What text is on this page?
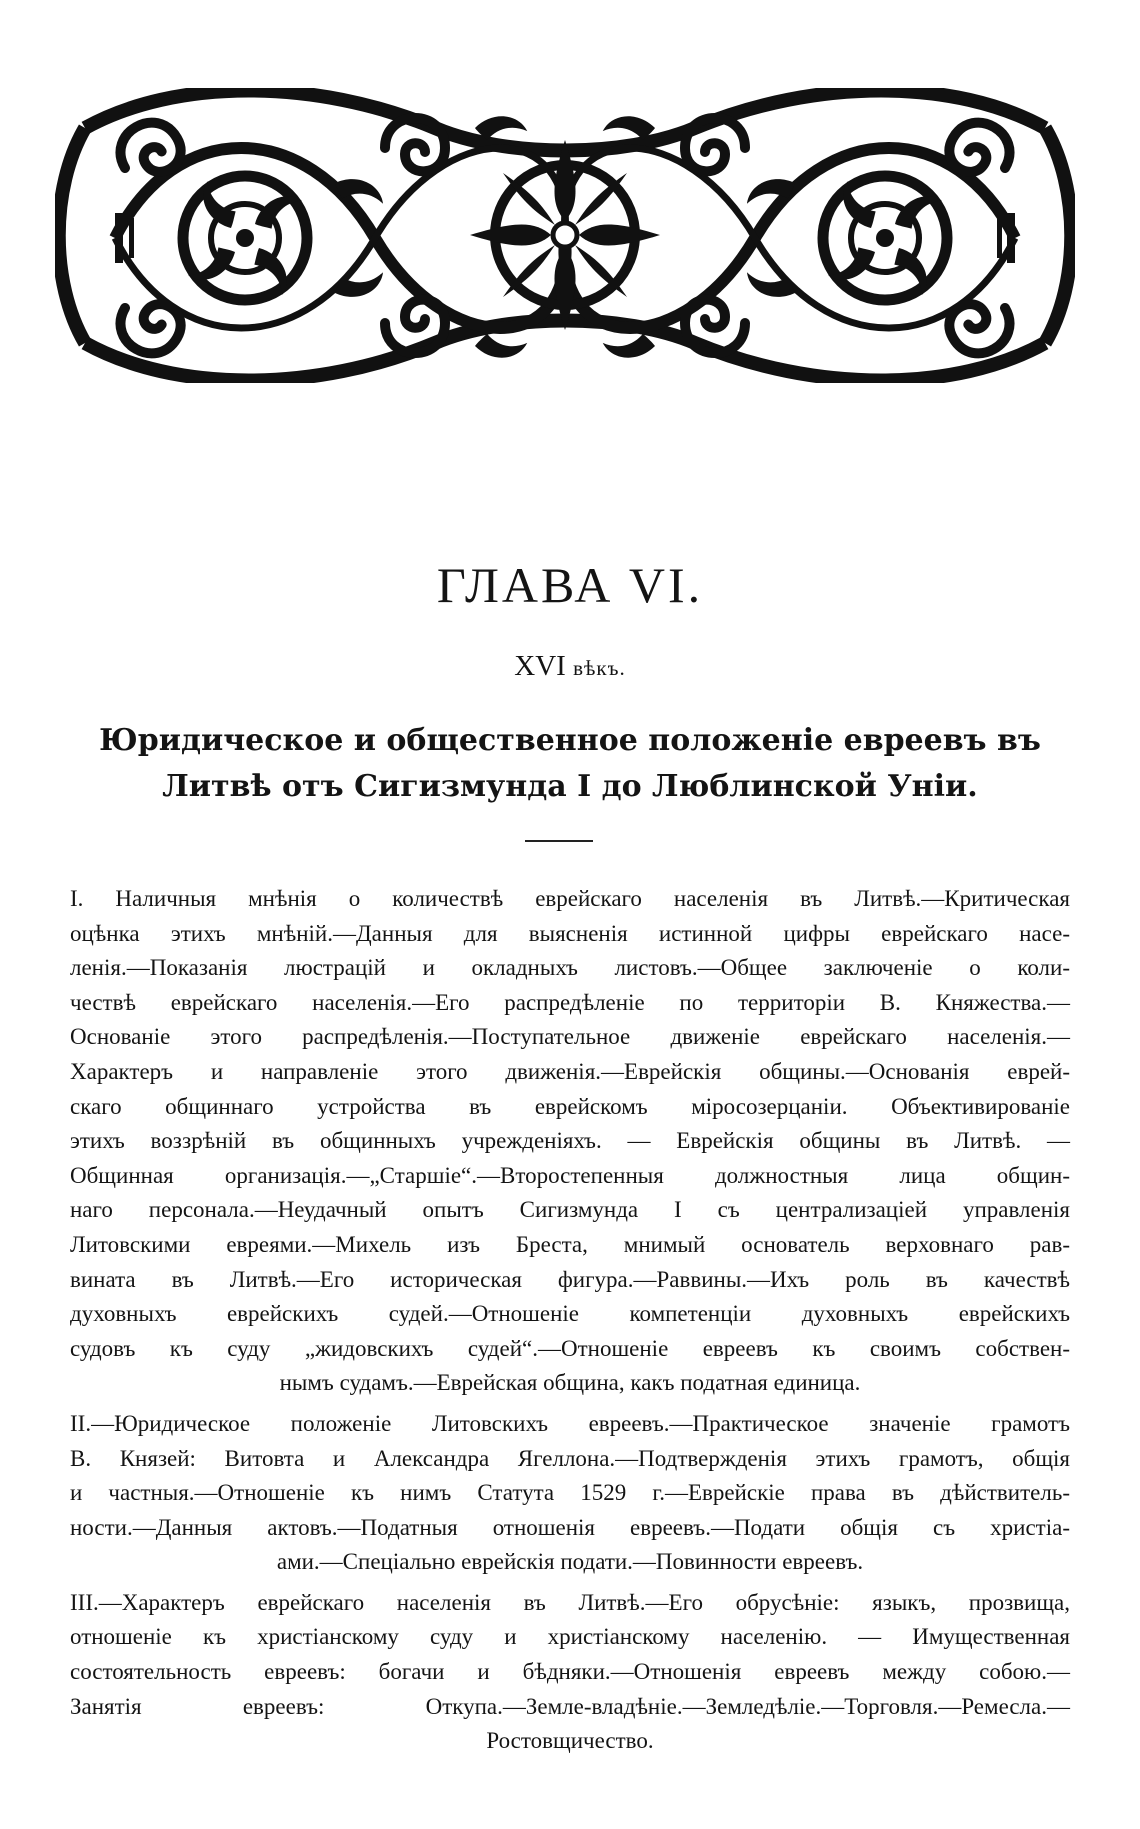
ГЛАВА VI.
XVI вѣкъ.
Юридическое и общественное положенiе евреевъ въ
Литвѣ отъ Сигизмунда I до Люблинской Унiи.
I. Наличныя мнѣнiя о количествѣ еврейскаго населенiя въ Литвѣ.—Критическая
оцѣнка этихъ мнѣнiй.—Данныя для выясненiя истинной цифры еврейскаго насе-
ленiя.—Показанiя люстрацiй и окладныхъ листовъ.—Общее заключенiе о коли-
чествѣ еврейскаго населенiя.—Его распредѣленiе по территорiи В. Княжества.—
Основанiе этого распредѣленiя.—Поступательное движенiе еврейскаго населенiя.—
Характеръ и направленiе этого движенiя.—Еврейскiя общины.—Основанiя еврей-
скаго общиннаго устройства въ еврейскомъ мiросозерцанiи. Объективированiе
этихъ воззрѣнiй въ общинныхъ учрежденiяхъ. — Еврейскiя общины въ Литвѣ. —
Общинная организацiя.—„Старшiе“.—Второстепенныя должностныя лица общин-
наго персонала.—Неудачный опытъ Сигизмунда I съ централизацiей управленiя
Литовскими евреями.—Михель изъ Бреста, мнимый основатель верховнаго рав-
вината въ Литвѣ.—Его историческая фигура.—Раввины.—Ихъ роль въ качествѣ
духовныхъ еврейскихъ судей.—Отношенiе компетенцiи духовныхъ еврейскихъ
судовъ къ суду „жидовскихъ судей“.—Отношенiе евреевъ къ своимъ собствен-
нымъ судамъ.—Еврейская община, какъ податная единица.
II.—Юридическое положенiе Литовскихъ евреевъ.—Практическое значенiе грамотъ
В. Князей: Витовта и Александра Ягеллона.—Подтвержденiя этихъ грамотъ, общiя
и частныя.—Отношенiе къ нимъ Статута 1529 г.—Еврейскiе права въ дѣйствитель-
ности.—Данныя актовъ.—Податныя отношенiя евреевъ.—Подати общiя съ христiа-
ами.—Спецiально еврейскiя подати.—Повинности евреевъ.
III.—Характеръ еврейскаго населенiя въ Литвѣ.—Его обрусѣнiе: языкъ, прозвища,
отношенiе къ христiанскому суду и христiанскому населенiю. — Имущественная
состоятельность евреевъ: богачи и бѣдняки.—Отношенiя евреевъ между собою.—
Занятiя евреевъ: Откупа.—Земле-владѣнiе.—Земледѣлiе.—Торговля.—Ремесла.—
Ростовщичество.
